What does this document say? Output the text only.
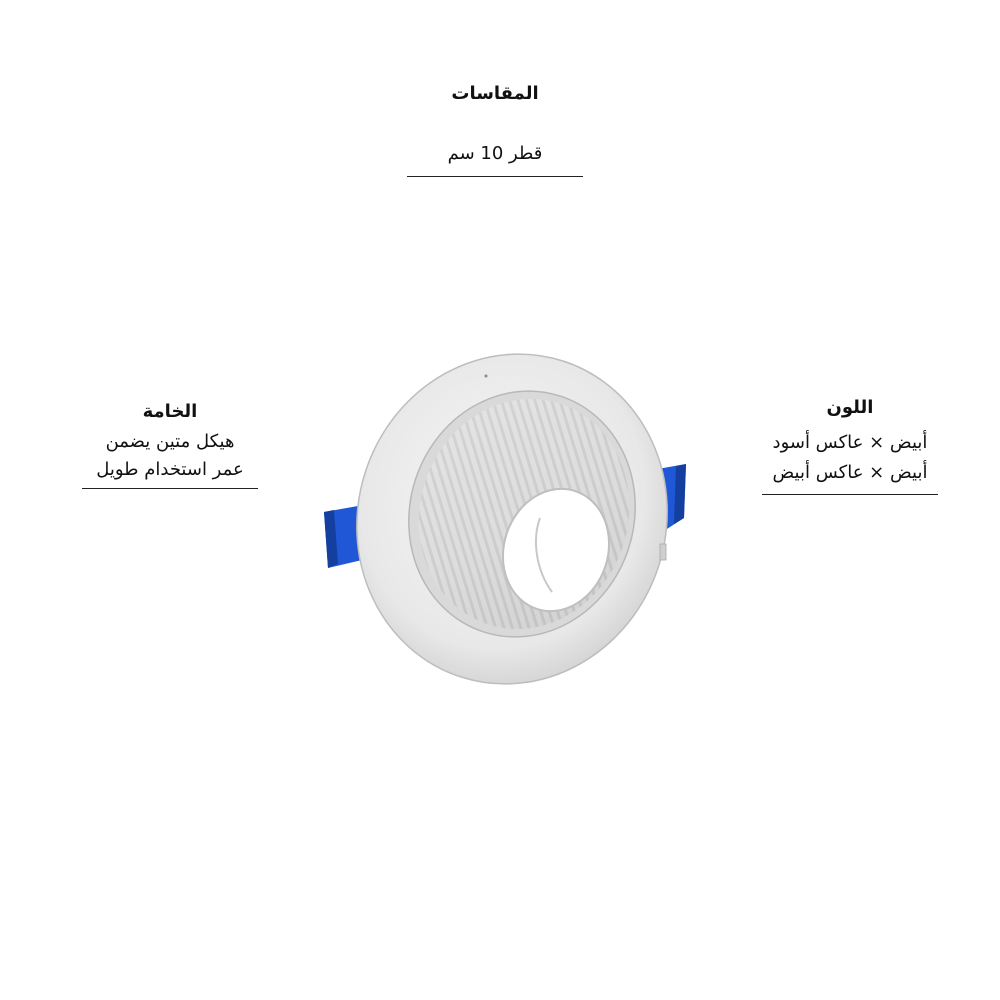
المقاسات
قطر 10 سم
الخامة
هيكل متين يضمن
عمر استخدام طويل
اللون
أبيض × عاكس أسود
أبيض × عاكس أبيض
